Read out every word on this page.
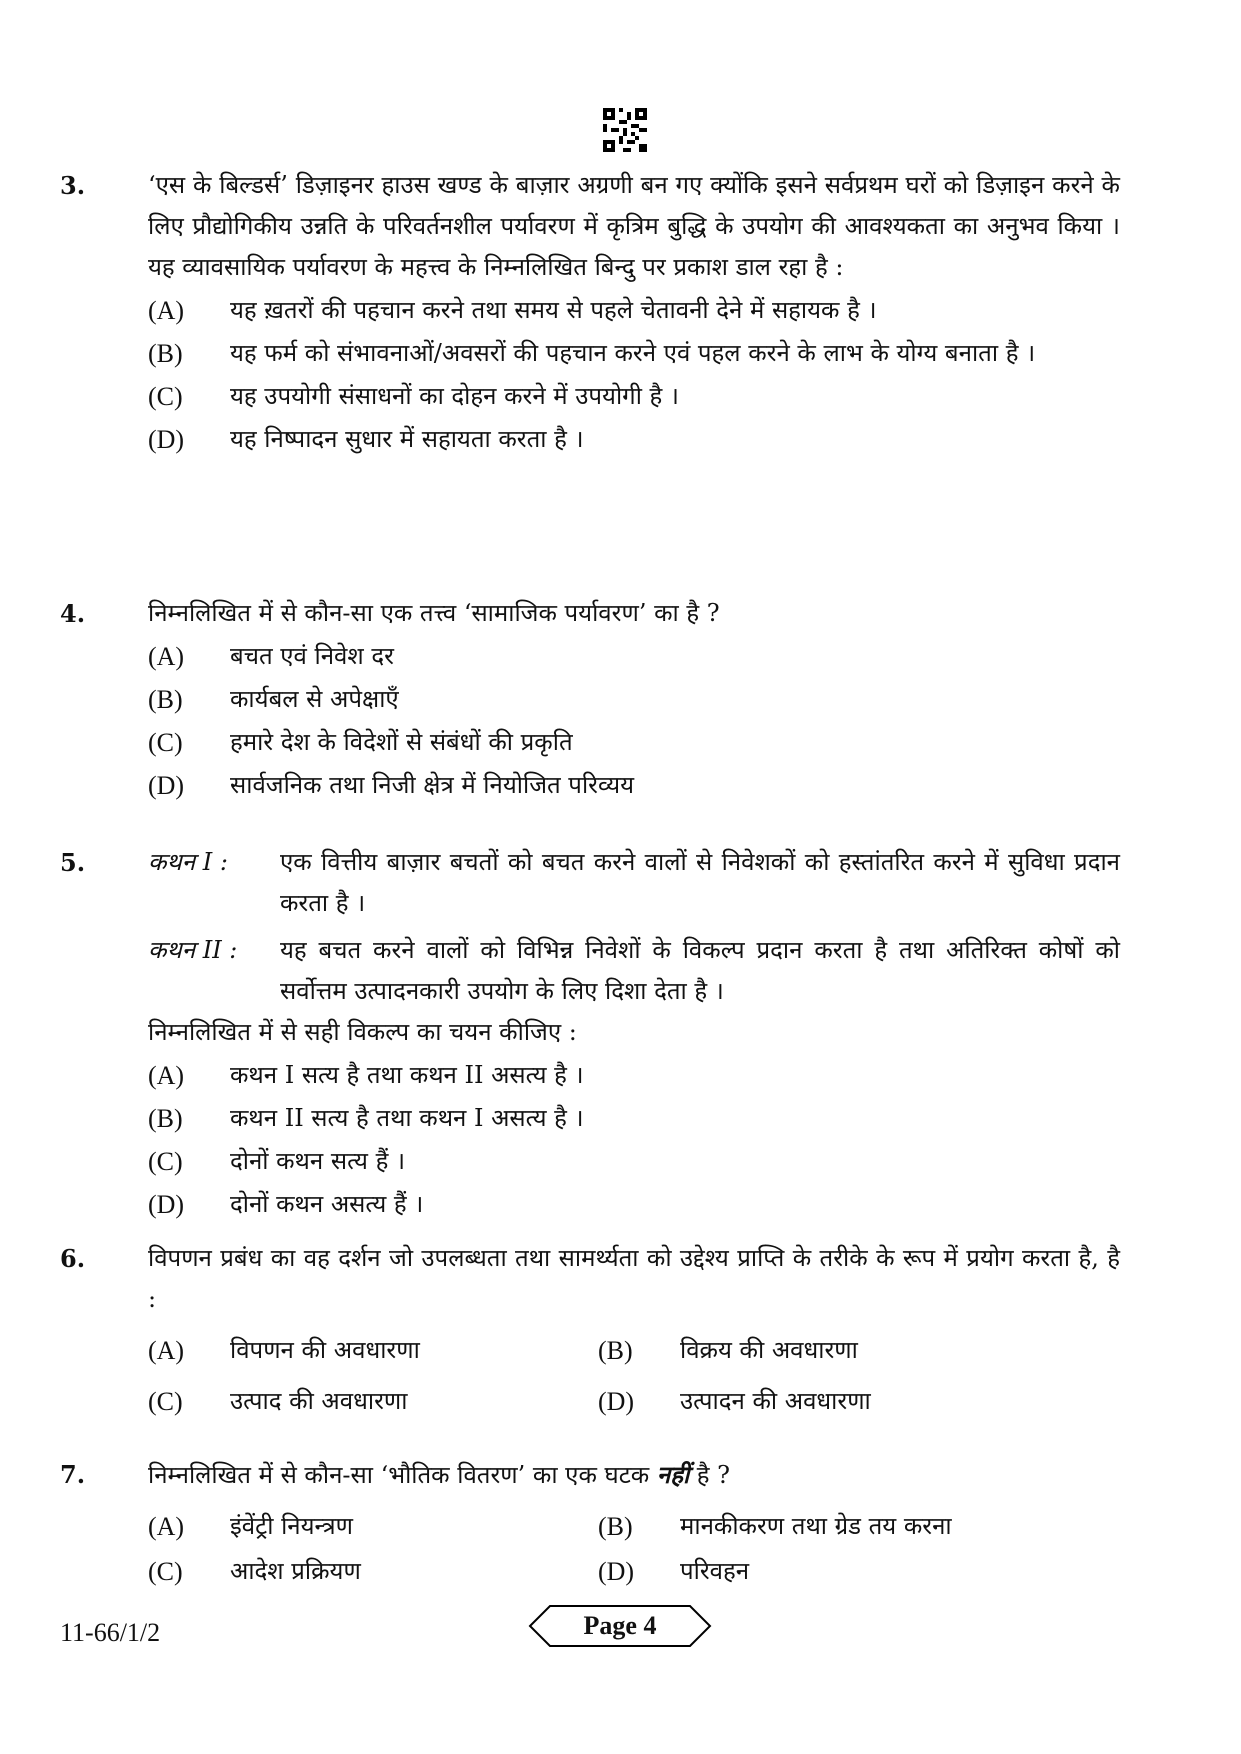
3.	‘एस के बिल्डर्स’ डिज़ाइनर हाउस खण्ड के बाज़ार अग्रणी बन गए क्योंकि इसने सर्वप्रथम घरों को डिज़ाइन करने के लिए प्रौद्योगिकीय उन्नति के परिवर्तनशील पर्यावरण में कृत्रिम बुद्धि के उपयोग की आवश्यकता का अनुभव किया । यह व्यावसायिक पर्यावरण के महत्त्व के निम्नलिखित बिन्दु पर प्रकाश डाल रहा है :
(A)	यह ख़तरों की पहचान करने तथा समय से पहले चेतावनी देने में सहायक है ।
(B)	यह फर्म को संभावनाओं/अवसरों की पहचान करने एवं पहल करने के लाभ के योग्य बनाता है ।
(C)	यह उपयोगी संसाधनों का दोहन करने में उपयोगी है ।
(D)	यह निष्पादन सुधार में सहायता करता है ।
4.	निम्नलिखित में से कौन-सा एक तत्त्व ‘सामाजिक पर्यावरण’ का है ?
(A)	बचत एवं निवेश दर
(B)	कार्यबल से अपेक्षाएँ
(C)	हमारे देश के विदेशों से संबंधों की प्रकृति
(D)	सार्वजनिक तथा निजी क्षेत्र में नियोजित परिव्यय
5.	कथन I :	एक वित्तीय बाज़ार बचतों को बचत करने वालों से निवेशकों को हस्तांतरित करने में सुविधा प्रदान करता है ।
कथन II :	यह बचत करने वालों को विभिन्न निवेशों के विकल्प प्रदान करता है तथा अतिरिक्त कोषों को सर्वोत्तम उत्पादनकारी उपयोग के लिए दिशा देता है ।
निम्नलिखित में से सही विकल्प का चयन कीजिए :
(A)	कथन I सत्य है तथा कथन II असत्य है ।
(B)	कथन II सत्य है तथा कथन I असत्य है ।
(C)	दोनों कथन सत्य हैं ।
(D)	दोनों कथन असत्य हैं ।
6.	विपणन प्रबंध का वह दर्शन जो उपलब्धता तथा सामर्थ्यता को उद्देश्य प्राप्ति के तरीके के रूप में प्रयोग करता है, है :
(A)	विपणन की अवधारणा	(B)	विक्रय की अवधारणा
(C)	उत्पाद की अवधारणा	(D)	उत्पादन की अवधारणा
7.	निम्नलिखित में से कौन-सा ‘भौतिक वितरण’ का एक घटक नहीं है ?
(A)	इंवेंट्री नियन्त्रण	(B)	मानकीकरण तथा ग्रेड तय करना
(C)	आदेश प्रक्रियण	(D)	परिवहन
11-66/1/2	Page 4
